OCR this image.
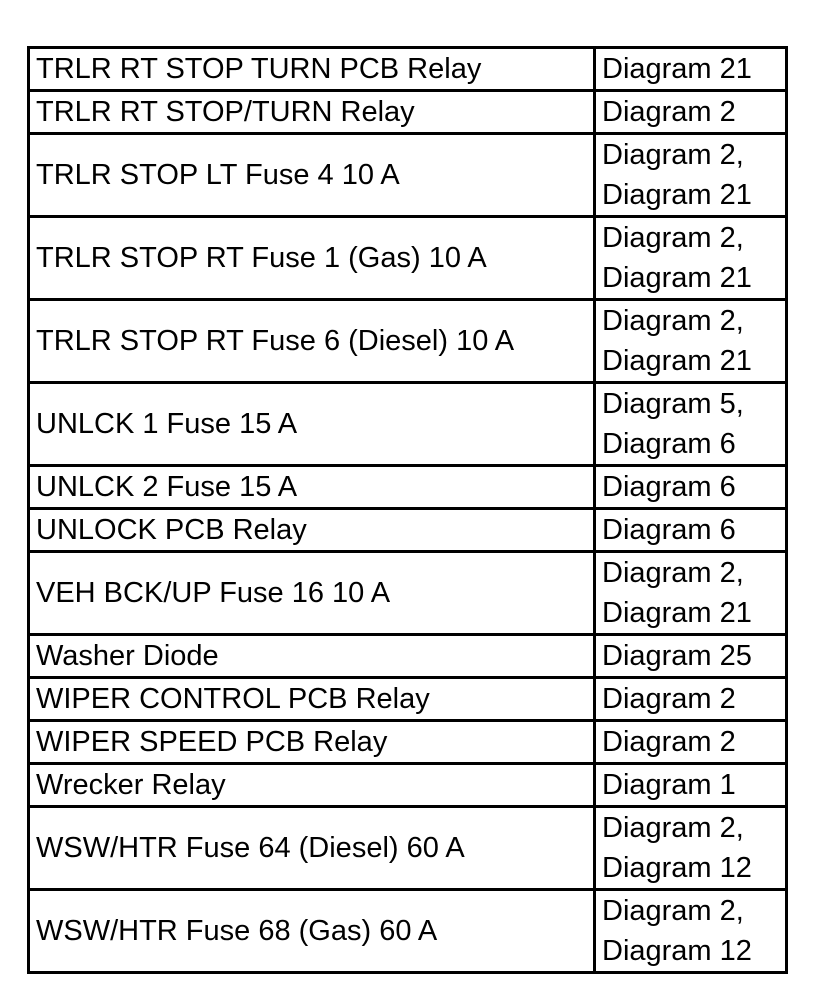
TRLR RT STOP TURN PCB Relay	Diagram 21

TRLR RT STOP/TURN Relay	Diagram 2

TRLR STOP LT Fuse 4 10 A	Diagram 2,
Diagram 21

TRLR STOP RT Fuse 1 (Gas) 10 A	Diagram 2,
Diagram 21

TRLR STOP RT Fuse 6 (Diesel) 10 A	Diagram 2,
Diagram 21

UNLCK 1 Fuse 15 A	Diagram 5,
Diagram 6

UNLCK 2 Fuse 15 A	Diagram 6

UNLOCK PCB Relay	Diagram 6

VEH BCK/UP Fuse 16 10 A	Diagram 2,
Diagram 21

Washer Diode	Diagram 25

WIPER CONTROL PCB Relay	Diagram 2

WIPER SPEED PCB Relay	Diagram 2

Wrecker Relay	Diagram 1

WSW/HTR Fuse 64 (Diesel) 60 A	Diagram 2,
Diagram 12

WSW/HTR Fuse 68 (Gas) 60 A	Diagram 2,
Diagram 12
